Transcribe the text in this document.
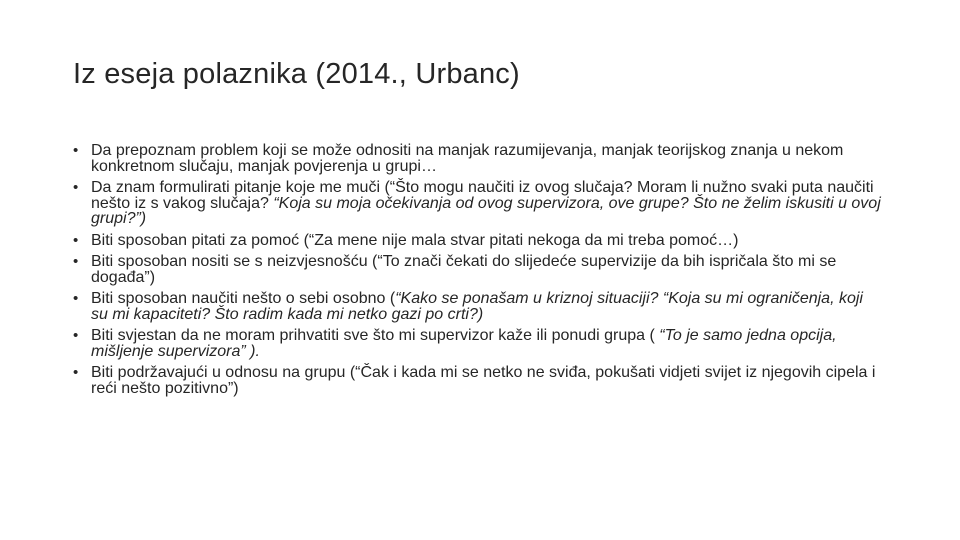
Iz eseja polaznika (2014., Urbanc)
• Da prepoznam problem koji se može odnositi na manjak razumijevanja, manjak teorijskog znanja u nekom konkretnom slučaju, manjak povjerenja u grupi…
• Da znam formulirati pitanje koje me muči (“Što mogu naučiti iz ovog slučaja? Moram li nužno svaki puta naučiti nešto iz s vakog slučaja? “Koja su moja očekivanja od ovog supervizora, ove grupe? Što ne želim iskusiti u ovoj grupi?”)
• Biti sposoban pitati za pomoć (“Za mene nije mala stvar pitati nekoga da mi treba pomoć…)
• Biti sposoban nositi se s neizvjesnošću (“To znači čekati do slijedeće supervizije da bih ispričala što mi se događa”)
• Biti sposoban naučiti nešto o sebi osobno (“Kako se ponašam u kriznoj situaciji? “Koja su mi ograničenja, koji su mi kapaciteti? Što radim kada mi netko gazi po crti?)
• Biti svjestan da ne moram prihvatiti sve što mi supervizor kaže ili ponudi grupa ( “To je samo jedna opcija, mišljenje supervizora” ).
• Biti podržavajući u odnosu na grupu (“Čak i kada mi se netko ne sviđa, pokušati vidjeti svijet iz njegovih cipela i reći nešto pozitivno”)
